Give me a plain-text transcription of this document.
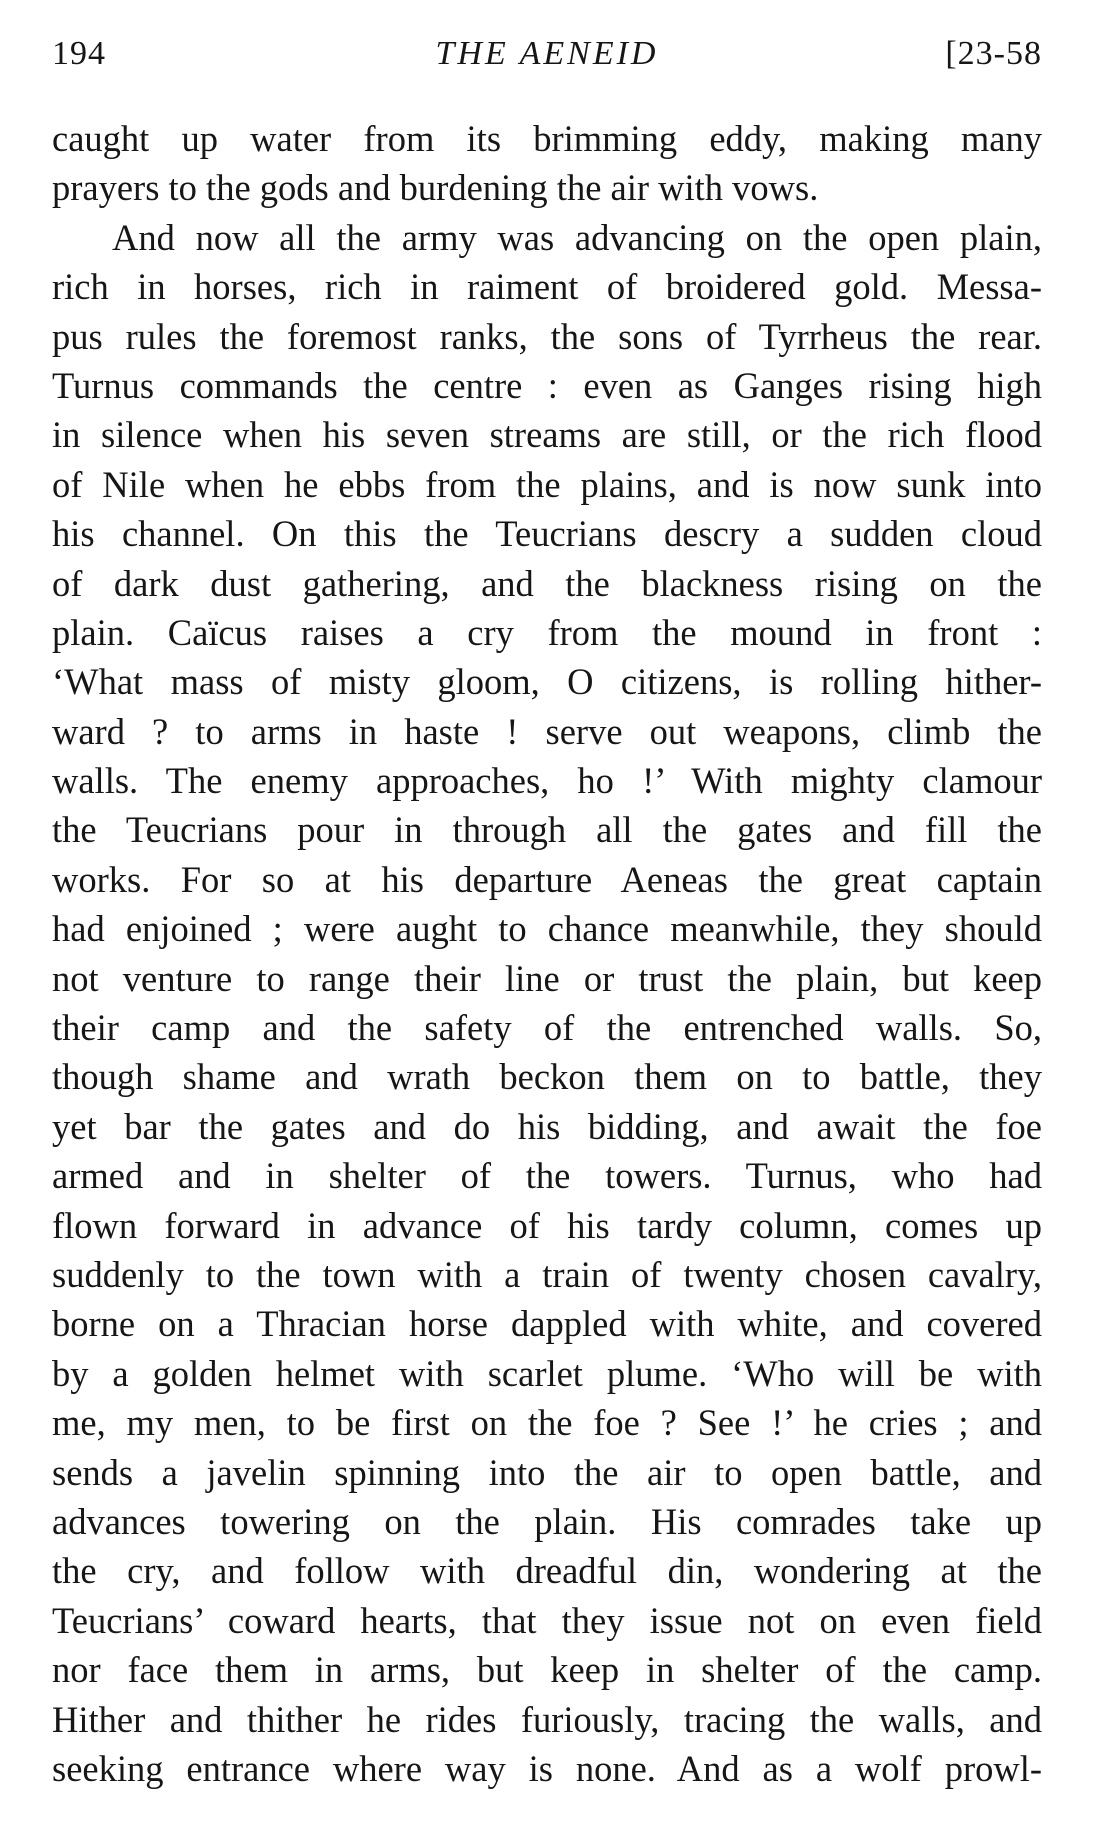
194	THE AENEID	[23-58
caught up water from its brimming eddy, making many
prayers to the gods and burdening the air with vows.
And now all the army was advancing on the open plain,
rich in horses, rich in raiment of broidered gold. Messa-
pus rules the foremost ranks, the sons of Tyrrheus the rear.
Turnus commands the centre : even as Ganges rising high
in silence when his seven streams are still, or the rich flood
of Nile when he ebbs from the plains, and is now sunk into
his channel. On this the Teucrians descry a sudden cloud
of dark dust gathering, and the blackness rising on the
plain. Caïcus raises a cry from the mound in front :
‘What mass of misty gloom, O citizens, is rolling hither-
ward ? to arms in haste ! serve out weapons, climb the
walls. The enemy approaches, ho !’ With mighty clamour
the Teucrians pour in through all the gates and fill the
works. For so at his departure Aeneas the great captain
had enjoined ; were aught to chance meanwhile, they should
not venture to range their line or trust the plain, but keep
their camp and the safety of the entrenched walls. So,
though shame and wrath beckon them on to battle, they
yet bar the gates and do his bidding, and await the foe
armed and in shelter of the towers. Turnus, who had
flown forward in advance of his tardy column, comes up
suddenly to the town with a train of twenty chosen cavalry,
borne on a Thracian horse dappled with white, and covered
by a golden helmet with scarlet plume. ‘Who will be with
me, my men, to be first on the foe ? See !’ he cries ; and
sends a javelin spinning into the air to open battle, and
advances towering on the plain. His comrades take up
the cry, and follow with dreadful din, wondering at the
Teucrians’ coward hearts, that they issue not on even field
nor face them in arms, but keep in shelter of the camp.
Hither and thither he rides furiously, tracing the walls, and
seeking entrance where way is none. And as a wolf prowl-
